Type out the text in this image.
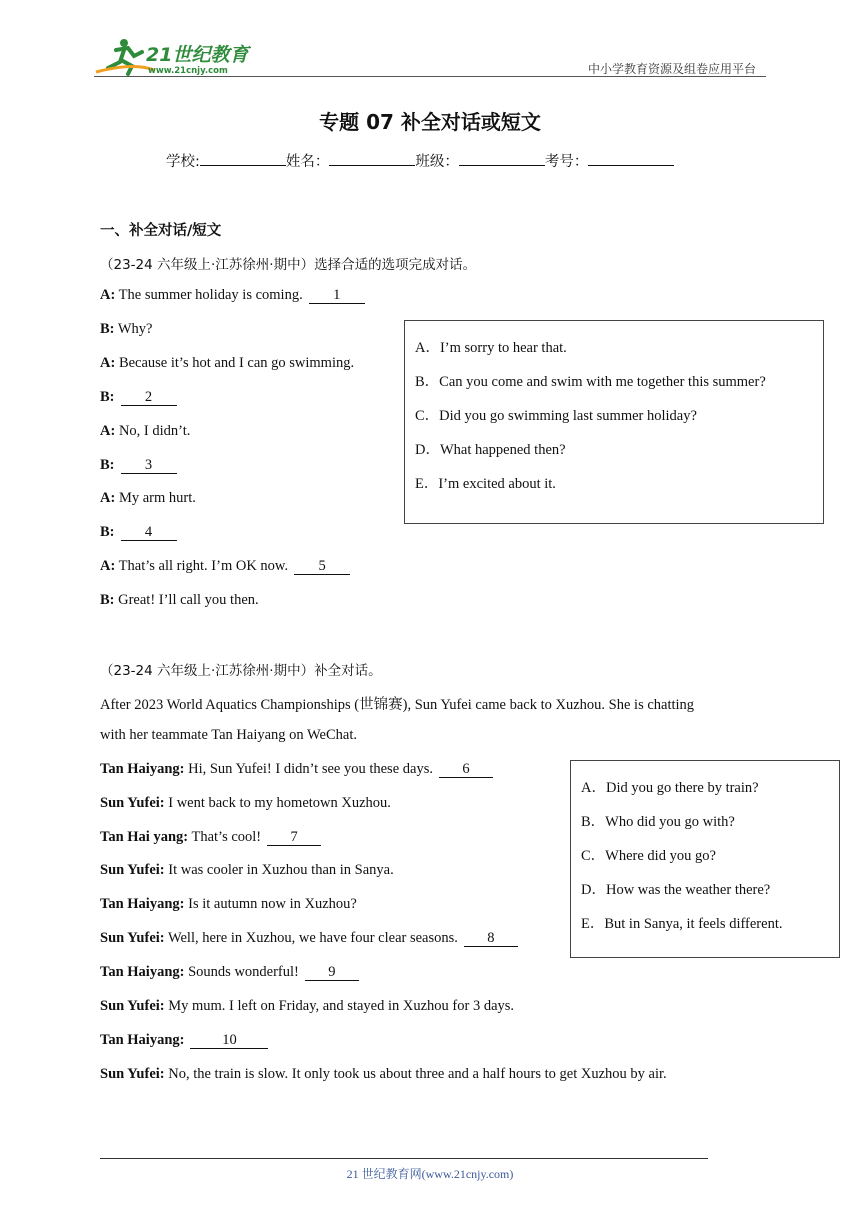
21世纪教育
www.21cnjy.com	中小学教育资源及组卷应用平台
专题 07 补全对话或短文
学校:	姓名：	班级：	考号：
一、补全对话/短文
（23-24 六年级上·江苏徐州·期中）选择合适的选项完成对话。
A: The summer holiday is coming. 1
B: Why?
A: Because it’s hot and I can go swimming.
B: 2
A: No, I didn’t.
B: 3
A: My arm hurt.
B: 4
A: That’s all right. I’m OK now. 5
B: Great! I’ll call you then.
A．I’m sorry to hear that.
B．Can you come and swim with me together this summer?
C．Did you go swimming last summer holiday?
D．What happened then?
E．I’m excited about it.
（23-24 六年级上·江苏徐州·期中）补全对话。
After 2023 World Aquatics Championships (世锦赛), Sun Yufei came back to Xuzhou. She is chatting
with her teammate Tan Haiyang on WeChat.
Tan Haiyang: Hi, Sun Yufei! I didn’t see you these days. 6
Sun Yufei: I went back to my hometown Xuzhou.
Tan Hai yang: That’s cool! 7
Sun Yufei: It was cooler in Xuzhou than in Sanya.
Tan Haiyang: Is it autumn now in Xuzhou?
Sun Yufei: Well, here in Xuzhou, we have four clear seasons. 8
Tan Haiyang: Sounds wonderful! 9
Sun Yufei: My mum. I left on Friday, and stayed in Xuzhou for 3 days.
Tan Haiyang:	10
Sun Yufei: No, the train is slow. It only took us about three and a half hours to get Xuzhou by air.
A．Did you go there by train?
B．Who did you go with?
C．Where did you go?
D．How was the weather there?
E．But in Sanya, it feels different.
21 世纪教育网(www.21cnjy.com)
